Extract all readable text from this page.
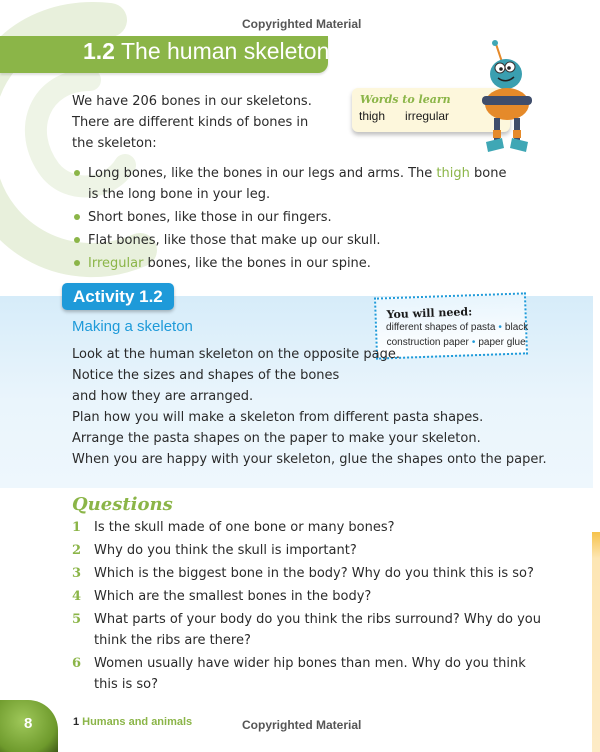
Copyrighted Material
1.2 The human skeleton
We have 206 bones in our skeletons.
There are different kinds of bones in
the skeleton:
Words to learn
thigh irregular
Long bones, like the bones in our legs and arms. The thigh bone is the long bone in your leg.
Short bones, like those in our fingers.
Flat bones, like those that make up our skull.
Irregular bones, like the bones in our spine.
Activity 1.2
Making a skeleton
You will need:
different shapes of pasta • black
construction paper • paper glue
Look at the human skeleton on the opposite page.
Notice the sizes and shapes of the bones
and how they are arranged.
Plan how you will make a skeleton from different pasta shapes.
Arrange the pasta shapes on the paper to make your skeleton.
When you are happy with your skeleton, glue the shapes onto the paper.
Questions
1 Is the skull made of one bone or many bones?
2 Why do you think the skull is important?
3 Which is the biggest bone in the body? Why do you think this is so?
4 Which are the smallest bones in the body?
5 What parts of your body do you think the ribs surround? Why do you think the ribs are there?
6 Women usually have wider hip bones than men. Why do you think this is so?
8	1 Humans and animals	Copyrighted Material
